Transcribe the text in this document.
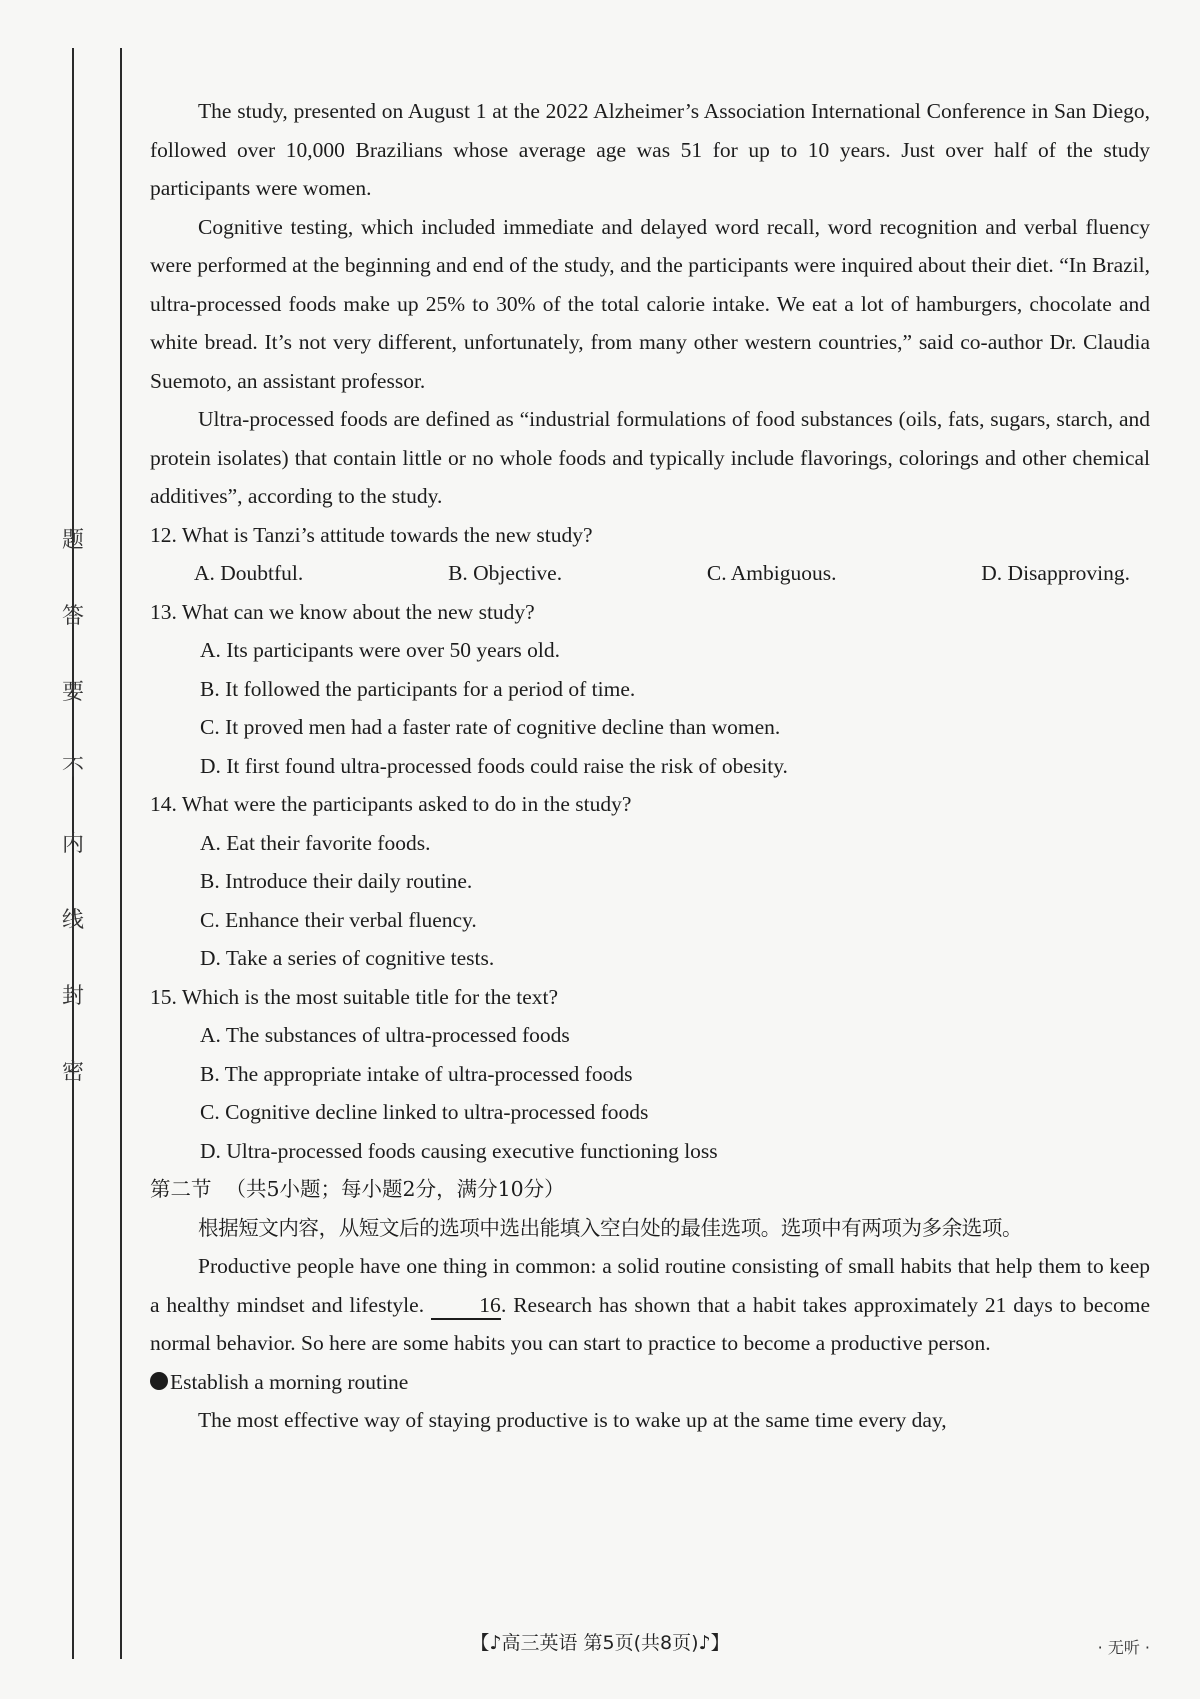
密
封
线
内
不
要
答
题

The study, presented on August 1 at the 2022 Alzheimer’s Association International Conference in San Diego, followed over 10,000 Brazilians whose average age was 51 for up to 10 years. Just over half of the study participants were women.

Cognitive testing, which included immediate and delayed word recall, word recognition and verbal fluency were performed at the beginning and end of the study, and the participants were inquired about their diet. “In Brazil, ultra-processed foods make up 25% to 30% of the total calorie intake. We eat a lot of hamburgers, chocolate and white bread. It’s not very different, unfortunately, from many other western countries,” said co-author Dr. Claudia Suemoto, an assistant professor.

Ultra-processed foods are defined as “industrial formulations of food substances (oils, fats, sugars, starch, and protein isolates) that contain little or no whole foods and typically include flavorings, colorings and other chemical additives”, according to the study.

12. What is Tanzi’s attitude towards the new study?

A. Doubtful.	B. Objective.	C. Ambiguous.	D. Disapproving.

13. What can we know about the new study?

A. Its participants were over 50 years old.

B. It followed the participants for a period of time.

C. It proved men had a faster rate of cognitive decline than women.

D. It first found ultra-processed foods could raise the risk of obesity.

14. What were the participants asked to do in the study?

A. Eat their favorite foods.

B. Introduce their daily routine.

C. Enhance their verbal fluency.

D. Take a series of cognitive tests.

15. Which is the most suitable title for the text?

A. The substances of ultra-processed foods

B. The appropriate intake of ultra-processed foods

C. Cognitive decline linked to ultra-processed foods

D. Ultra-processed foods causing executive functioning loss

第二节 （共5小题；每小题2分，满分10分）

根据短文内容，从短文后的选项中选出能填入空白处的最佳选项。选项中有两项为多余选项。

Productive people have one thing in common: a solid routine consisting of small habits that help them to keep a healthy mindset and lifestyle. 16. Research has shown that a habit takes approximately 21 days to become normal behavior. So here are some habits you can start to practice to become a productive person.

Establish a morning routine

The most effective way of staying productive is to wake up at the same time every day,

【♪高三英语 第5页(共8页)♪】	· 无听 ·
